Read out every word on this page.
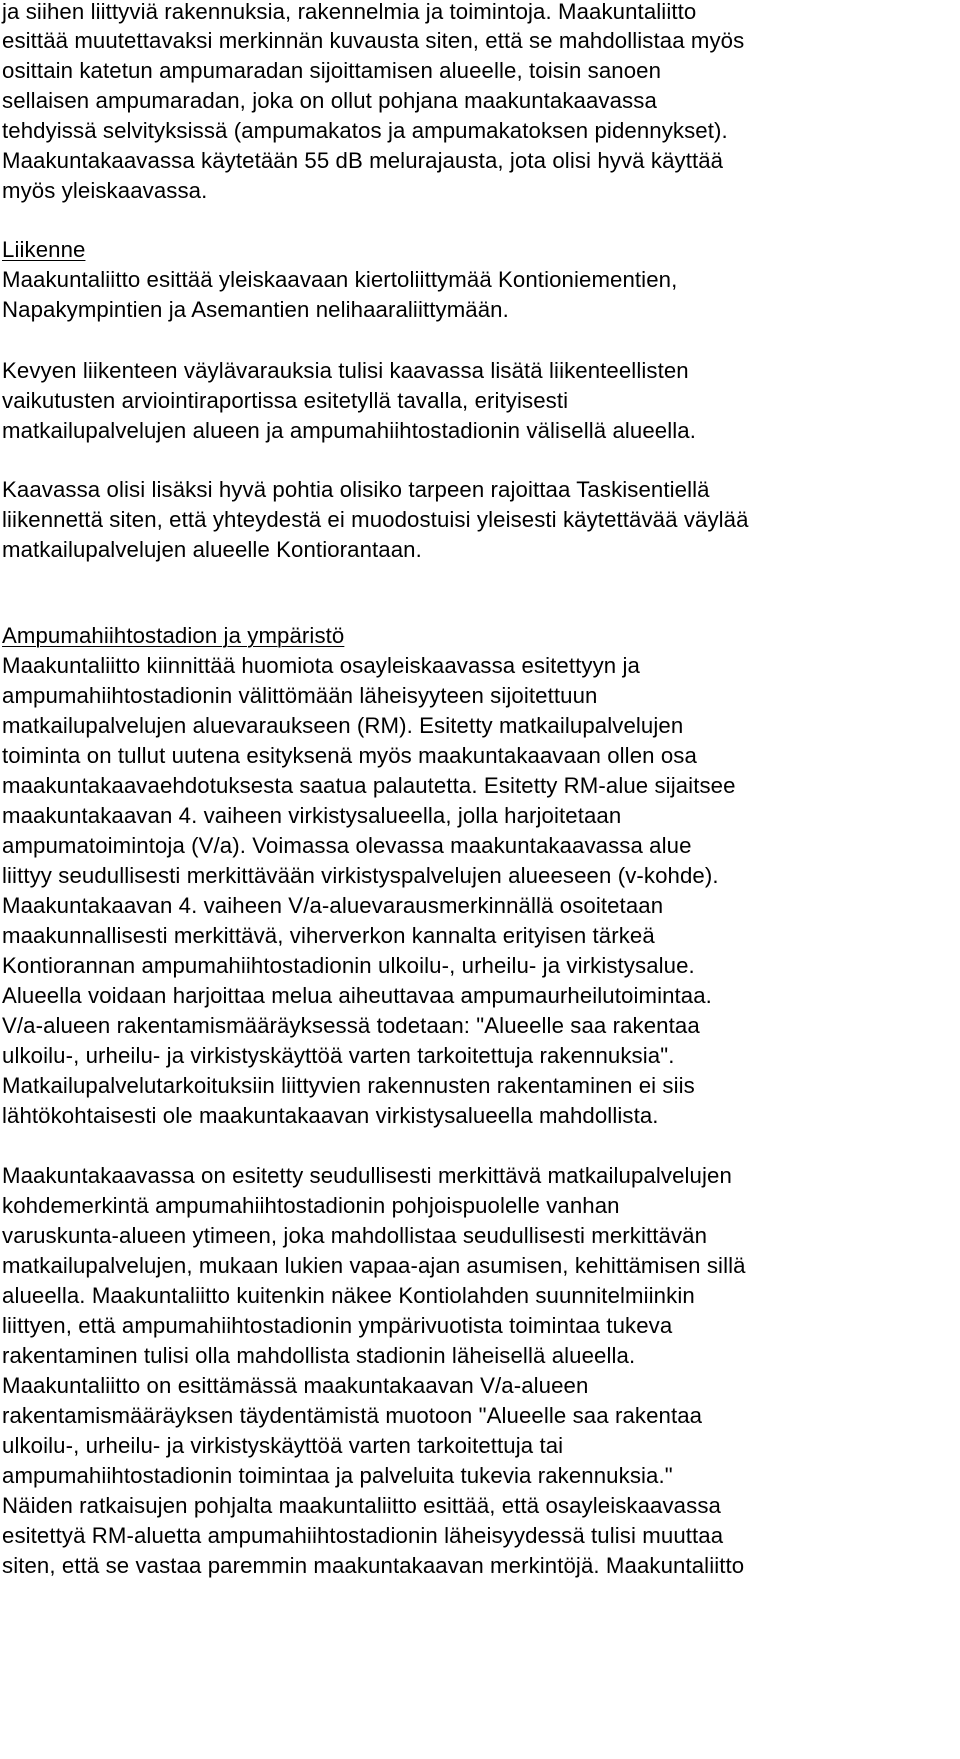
ja siihen liittyviä rakennuksia, rakennelmia ja toimintoja. Maakuntaliitto
esittää muutettavaksi merkinnän kuvausta siten, että se mahdollistaa myös
osittain katetun ampumaradan sijoittamisen alueelle, toisin sanoen
sellaisen ampumaradan, joka on ollut pohjana maakuntakaavassa
tehdyissä selvityksissä (ampumakatos ja ampumakatoksen pidennykset).
Maakuntakaavassa käytetään 55 dB melurajausta, jota olisi hyvä käyttää
myös yleiskaavassa.
Liikenne
Maakuntaliitto esittää yleiskaavaan kiertoliittymää Kontioniementien,
Napakympintien ja Asemantien nelihaaraliittymään.
Kevyen liikenteen väylävarauksia tulisi kaavassa lisätä liikenteellisten
vaikutusten arviointiraportissa esitetyllä tavalla, erityisesti
matkailupalvelujen alueen ja ampumahiihtostadionin välisellä alueella.
Kaavassa olisi lisäksi hyvä pohtia olisiko tarpeen rajoittaa Taskisentiellä
liikennettä siten, että yhteydestä ei muodostuisi yleisesti käytettävää väylää
matkailupalvelujen alueelle Kontiorantaan.
Ampumahiihtostadion ja ympäristö
Maakuntaliitto kiinnittää huomiota osayleiskaavassa esitettyyn ja
ampumahiihtostadionin välittömään läheisyyteen sijoitettuun
matkailupalvelujen aluevaraukseen (RM). Esitetty matkailupalvelujen
toiminta on tullut uutena esityksenä myös maakuntakaavaan ollen osa
maakuntakaavaehdotuksesta saatua palautetta. Esitetty RM-alue sijaitsee
maakuntakaavan 4. vaiheen virkistysalueella, jolla harjoitetaan
ampumatoimintoja (V/a). Voimassa olevassa maakuntakaavassa alue
liittyy seudullisesti merkittävään virkistyspalvelujen alueeseen (v-kohde).
Maakuntakaavan 4. vaiheen V/a-aluevarausmerkinnällä osoitetaan
maakunnallisesti merkittävä, viherverkon kannalta erityisen tärkeä
Kontiorannan ampumahiihtostadionin ulkoilu-, urheilu- ja virkistysalue.
Alueella voidaan harjoittaa melua aiheuttavaa ampumaurheilutoimintaa.
V/a-alueen rakentamismääräyksessä todetaan: "Alueelle saa rakentaa
ulkoilu-, urheilu- ja virkistyskäyttöä varten tarkoitettuja rakennuksia".
Matkailupalvelutarkoituksiin liittyvien rakennusten rakentaminen ei siis
lähtökohtaisesti ole maakuntakaavan virkistysalueella mahdollista.
Maakuntakaavassa on esitetty seudullisesti merkittävä matkailupalvelujen
kohdemerkintä ampumahiihtostadionin pohjoispuolelle vanhan
varuskunta-alueen ytimeen, joka mahdollistaa seudullisesti merkittävän
matkailupalvelujen, mukaan lukien vapaa-ajan asumisen, kehittämisen sillä
alueella. Maakuntaliitto kuitenkin näkee Kontiolahden suunnitelmiinkin
liittyen, että ampumahiihtostadionin ympärivuotista toimintaa tukeva
rakentaminen tulisi olla mahdollista stadionin läheisellä alueella.
Maakuntaliitto on esittämässä maakuntakaavan V/a-alueen
rakentamismääräyksen täydentämistä muotoon "Alueelle saa rakentaa
ulkoilu-, urheilu- ja virkistyskäyttöä varten tarkoitettuja tai
ampumahiihtostadionin toimintaa ja palveluita tukevia rakennuksia."
Näiden ratkaisujen pohjalta maakuntaliitto esittää, että osayleiskaavassa
esitettyä RM-aluetta ampumahiihtostadionin läheisyydessä tulisi muuttaa
siten, että se vastaa paremmin maakuntakaavan merkintöjä. Maakuntaliitto
